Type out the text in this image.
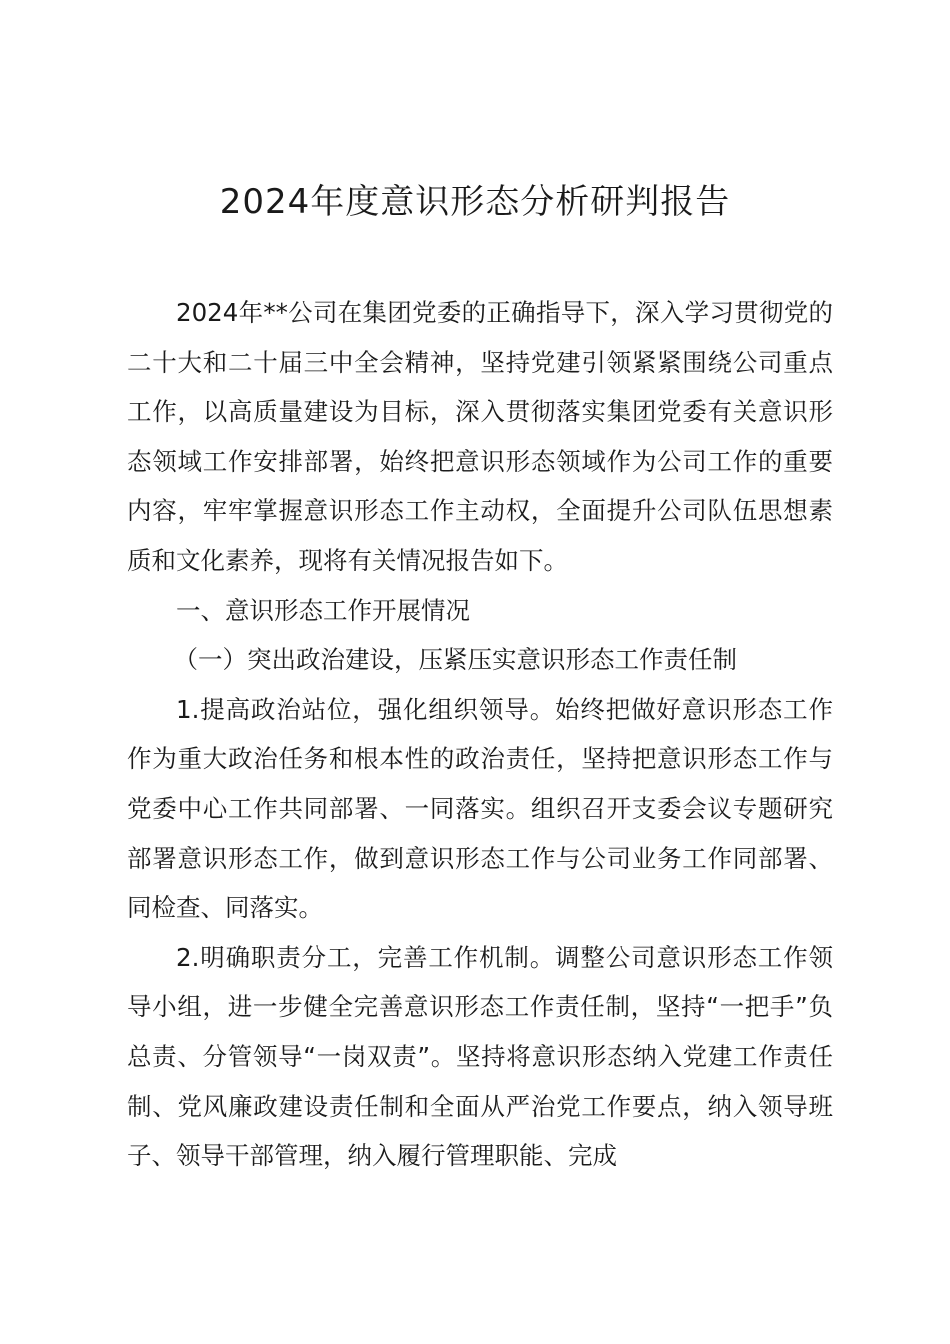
2024年度意识形态分析研判报告

2024年**公司在集团党委的正确指导下，深入学习贯彻党的二十大和二十届三中全会精神，坚持党建引领紧紧围绕公司重点工作，以高质量建设为目标，深入贯彻落实集团党委有关意识形态领域工作安排部署，始终把意识形态领域作为公司工作的重要内容，牢牢掌握意识形态工作主动权，全面提升公司队伍思想素质和文化素养，现将有关情况报告如下。

一、意识形态工作开展情况

（一）突出政治建设，压紧压实意识形态工作责任制

1.提高政治站位，强化组织领导。始终把做好意识形态工作作为重大政治任务和根本性的政治责任，坚持把意识形态工作与党委中心工作共同部署、一同落实。组织召开支委会议专题研究部署意识形态工作，做到意识形态工作与公司业务工作同部署、同检查、同落实。

2.明确职责分工，完善工作机制。调整公司意识形态工作领导小组，进一步健全完善意识形态工作责任制，坚持“一把手”负总责、分管领导“一岗双责”。坚持将意识形态纳入党建工作责任制、党风廉政建设责任制和全面从严治党工作要点，纳入领导班子、领导干部管理，纳入履行管理职能、完成
